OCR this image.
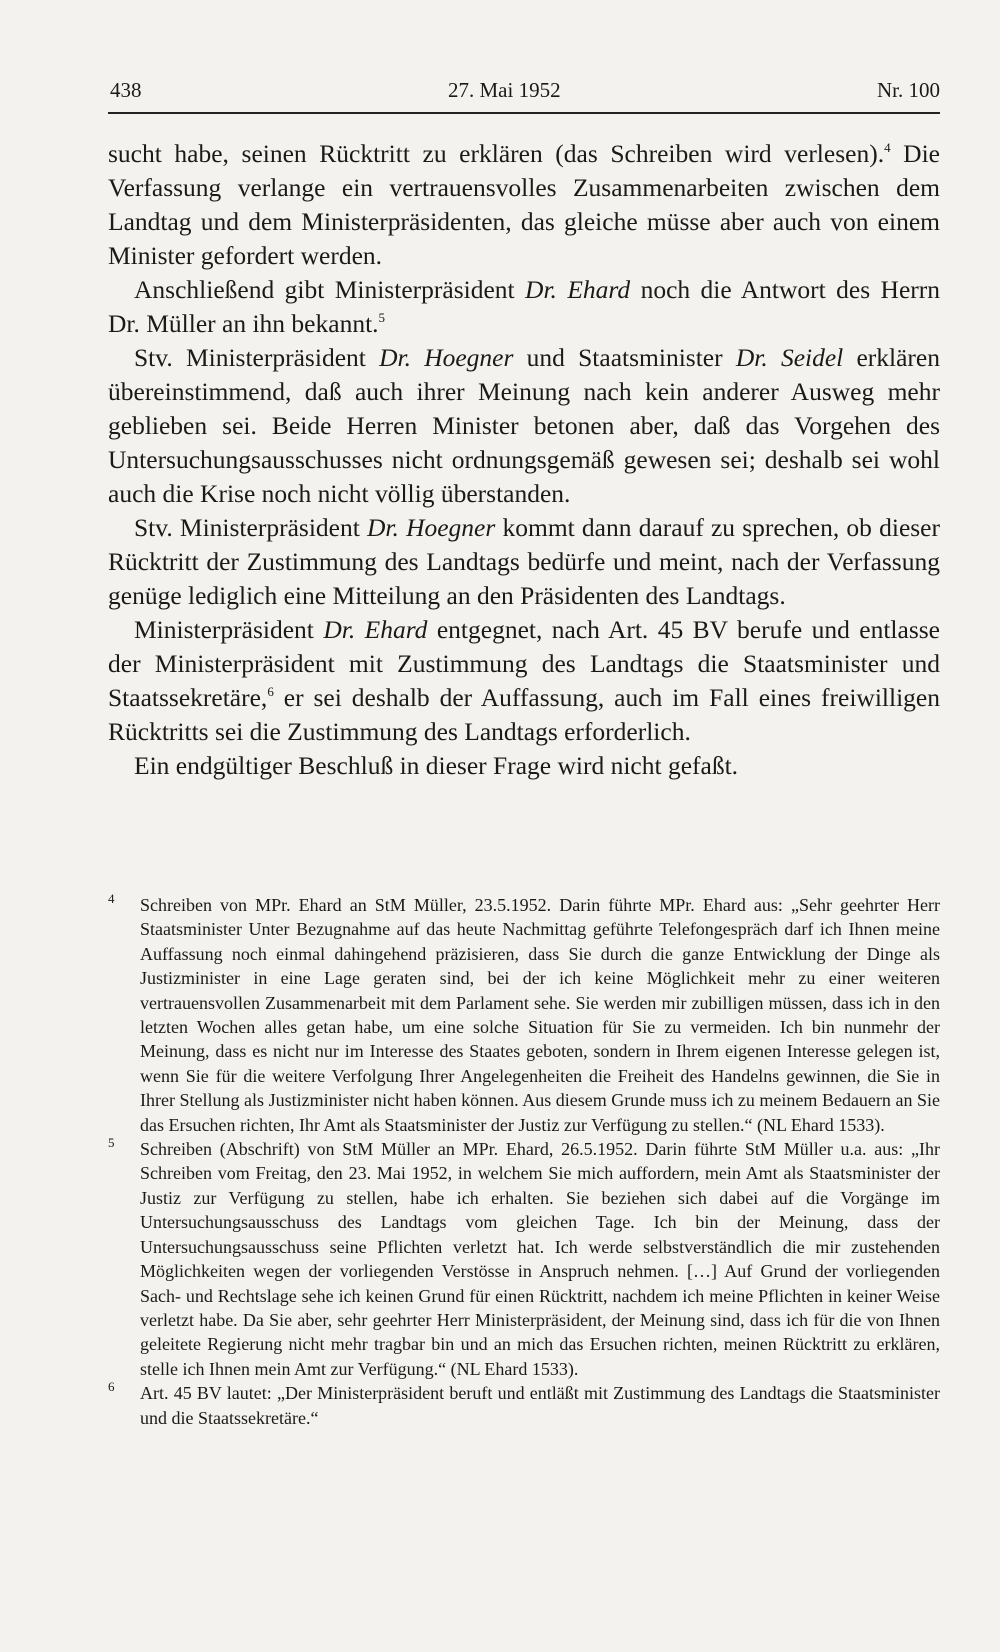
438	27. Mai 1952	Nr. 100

sucht habe, seinen Rücktritt zu erklären (das Schreiben wird verlesen).$^4$ Die Verfassung verlange ein vertrauensvolles Zusammenarbeiten zwischen dem Landtag und dem Ministerpräsidenten, das gleiche müsse aber auch von einem Minister gefordert werden.

Anschließend gibt Ministerpräsident Dr. Ehard noch die Antwort des Herrn Dr. Müller an ihn bekannt.$^5$

Stv. Ministerpräsident Dr. Hoegner und Staatsminister Dr. Seidel erklären übereinstimmend, daß auch ihrer Meinung nach kein anderer Ausweg mehr geblieben sei. Beide Herren Minister betonen aber, daß das Vorgehen des Untersuchungsausschusses nicht ordnungsgemäß gewesen sei; deshalb sei wohl auch die Krise noch nicht völlig überstanden.

Stv. Ministerpräsident Dr. Hoegner kommt dann darauf zu sprechen, ob dieser Rücktritt der Zustimmung des Landtags bedürfe und meint, nach der Verfassung genüge lediglich eine Mitteilung an den Präsidenten des Landtags.

Ministerpräsident Dr. Ehard entgegnet, nach Art. 45 BV berufe und entlasse der Ministerpräsident mit Zustimmung des Landtags die Staatsminister und Staatssekretäre,$^6$ er sei deshalb der Auffassung, auch im Fall eines freiwilligen Rücktritts sei die Zustimmung des Landtags erforderlich.

Ein endgültiger Beschluß in dieser Frage wird nicht gefaßt.

4 Schreiben von MPr. Ehard an StM Müller, 23.5.1952. Darin führte MPr. Ehard aus: „Sehr geehrter Herr Staatsminister Unter Bezugnahme auf das heute Nachmittag geführte Telefongespräch darf ich Ihnen meine Auffassung noch einmal dahingehend präzisieren, dass Sie durch die ganze Entwicklung der Dinge als Justizminister in eine Lage geraten sind, bei der ich keine Möglichkeit mehr zu einer weiteren vertrauensvollen Zusammenarbeit mit dem Parlament sehe. Sie werden mir zubilligen müssen, dass ich in den letzten Wochen alles getan habe, um eine solche Situation für Sie zu vermeiden. Ich bin nunmehr der Meinung, dass es nicht nur im Interesse des Staates geboten, sondern in Ihrem eigenen Interesse gelegen ist, wenn Sie für die weitere Verfolgung Ihrer Angelegenheiten die Freiheit des Handelns gewinnen, die Sie in Ihrer Stellung als Justizminister nicht haben können. Aus diesem Grunde muss ich zu meinem Bedauern an Sie das Ersuchen richten, Ihr Amt als Staatsminister der Justiz zur Verfügung zu stellen.“ (NL Ehard 1533).

5 Schreiben (Abschrift) von StM Müller an MPr. Ehard, 26.5.1952. Darin führte StM Müller u.a. aus: „Ihr Schreiben vom Freitag, den 23. Mai 1952, in welchem Sie mich auffordern, mein Amt als Staatsminister der Justiz zur Verfügung zu stellen, habe ich erhalten. Sie beziehen sich dabei auf die Vorgänge im Untersuchungsausschuss des Landtags vom gleichen Tage. Ich bin der Meinung, dass der Untersuchungsausschuss seine Pflichten verletzt hat. Ich werde selbstverständlich die mir zustehenden Möglichkeiten wegen der vorliegenden Verstösse in Anspruch nehmen. […] Auf Grund der vorliegenden Sach- und Rechtslage sehe ich keinen Grund für einen Rücktritt, nachdem ich meine Pflichten in keiner Weise verletzt habe. Da Sie aber, sehr geehrter Herr Ministerpräsident, der Meinung sind, dass ich für die von Ihnen geleitete Regierung nicht mehr tragbar bin und an mich das Ersuchen richten, meinen Rücktritt zu erklären, stelle ich Ihnen mein Amt zur Verfügung.“ (NL Ehard 1533).

6 Art. 45 BV lautet: „Der Ministerpräsident beruft und entläßt mit Zustimmung des Landtags die Staatsminister und die Staatssekretäre.“
